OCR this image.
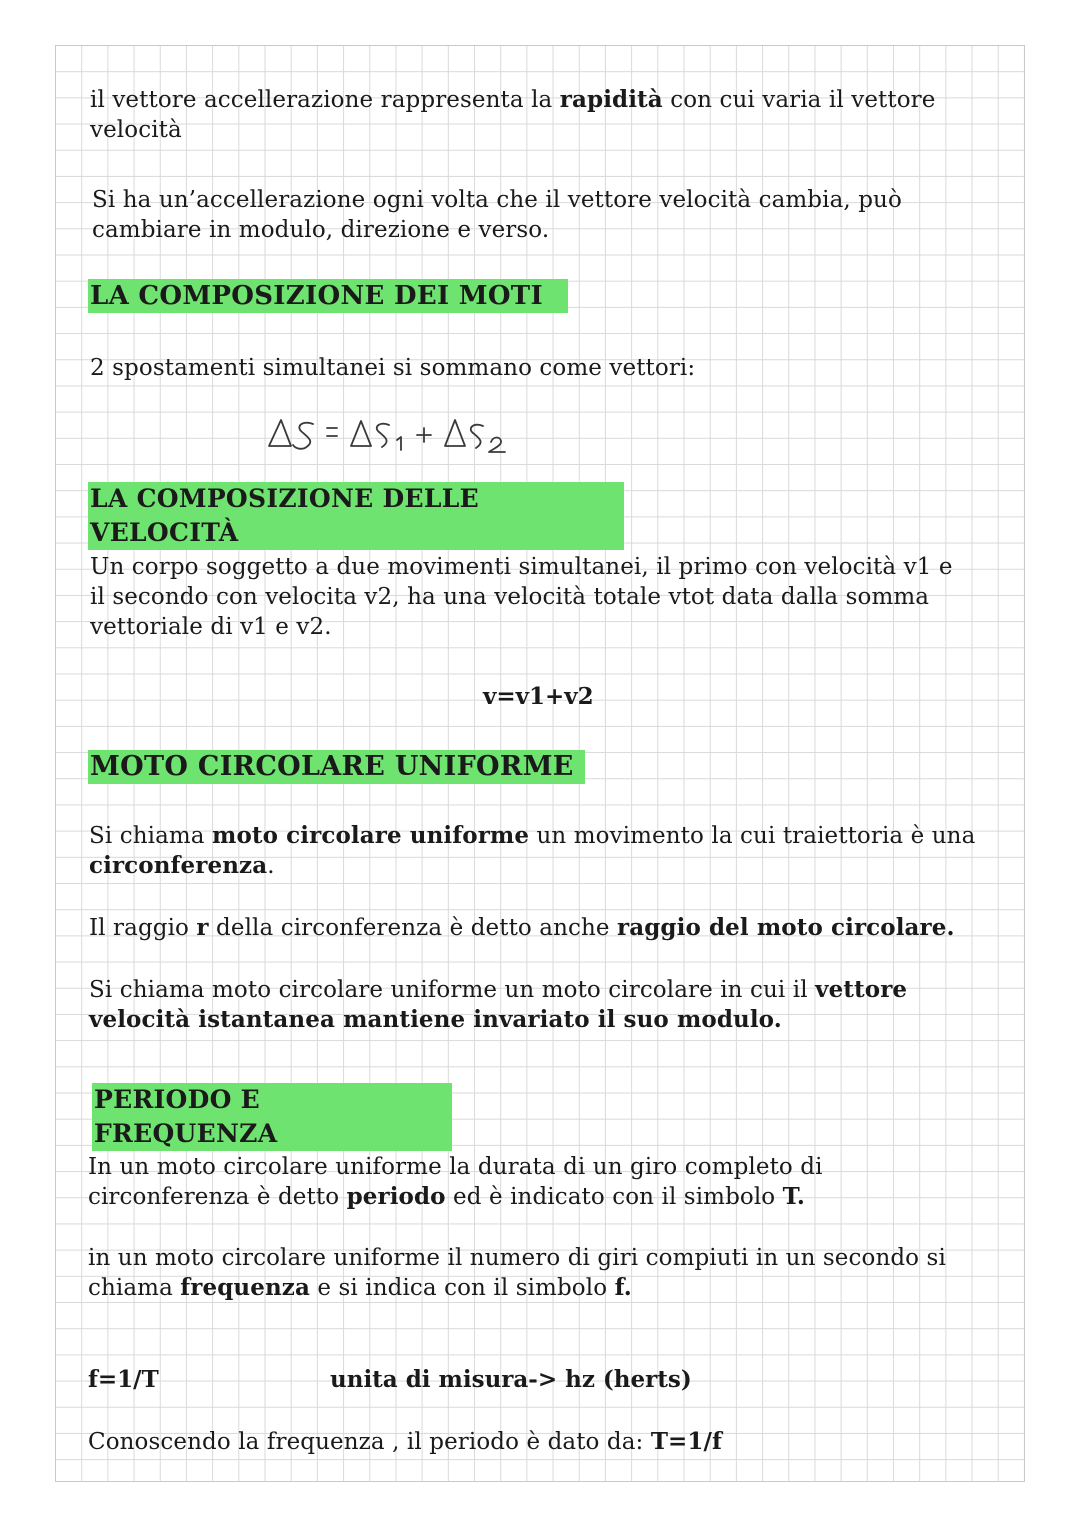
il vettore accellerazione rappresenta la rapidità con cui varia il vettore
velocità

Si ha un’accellerazione ogni volta che il vettore velocità cambia, può
cambiare in modulo, direzione e verso.

LA COMPOSIZIONE DEI MOTI

2 spostamenti simultanei si sommano come vettori:

LA COMPOSIZIONE DELLE VELOCITÀ

Un corpo soggetto a due movimenti simultanei, il primo con velocità v1 e
il secondo con velocita v2, ha una velocità totale vtot data dalla somma
vettoriale di v1 e v2.

v=v1+v2
MOTO CIRCOLARE UNIFORME

Si chiama moto circolare uniforme un movimento la cui traiettoria è una
circonferenza.

Il raggio r della circonferenza è detto anche raggio del moto circolare.

Si chiama moto circolare uniforme un moto circolare in cui il vettore
velocità istantanea mantiene invariato il suo modulo.

PERIODO E FREQUENZA

In un moto circolare uniforme la durata di un giro completo di
circonferenza è detto periodo ed è indicato con il simbolo T.

in un moto circolare uniforme il numero di giri compiuti in un secondo si
chiama frequenza e si indica con il simbolo f.

f=1/T	unita di misura-> hz (herts)

Conoscendo la frequenza , il periodo è dato da: T=1/f
